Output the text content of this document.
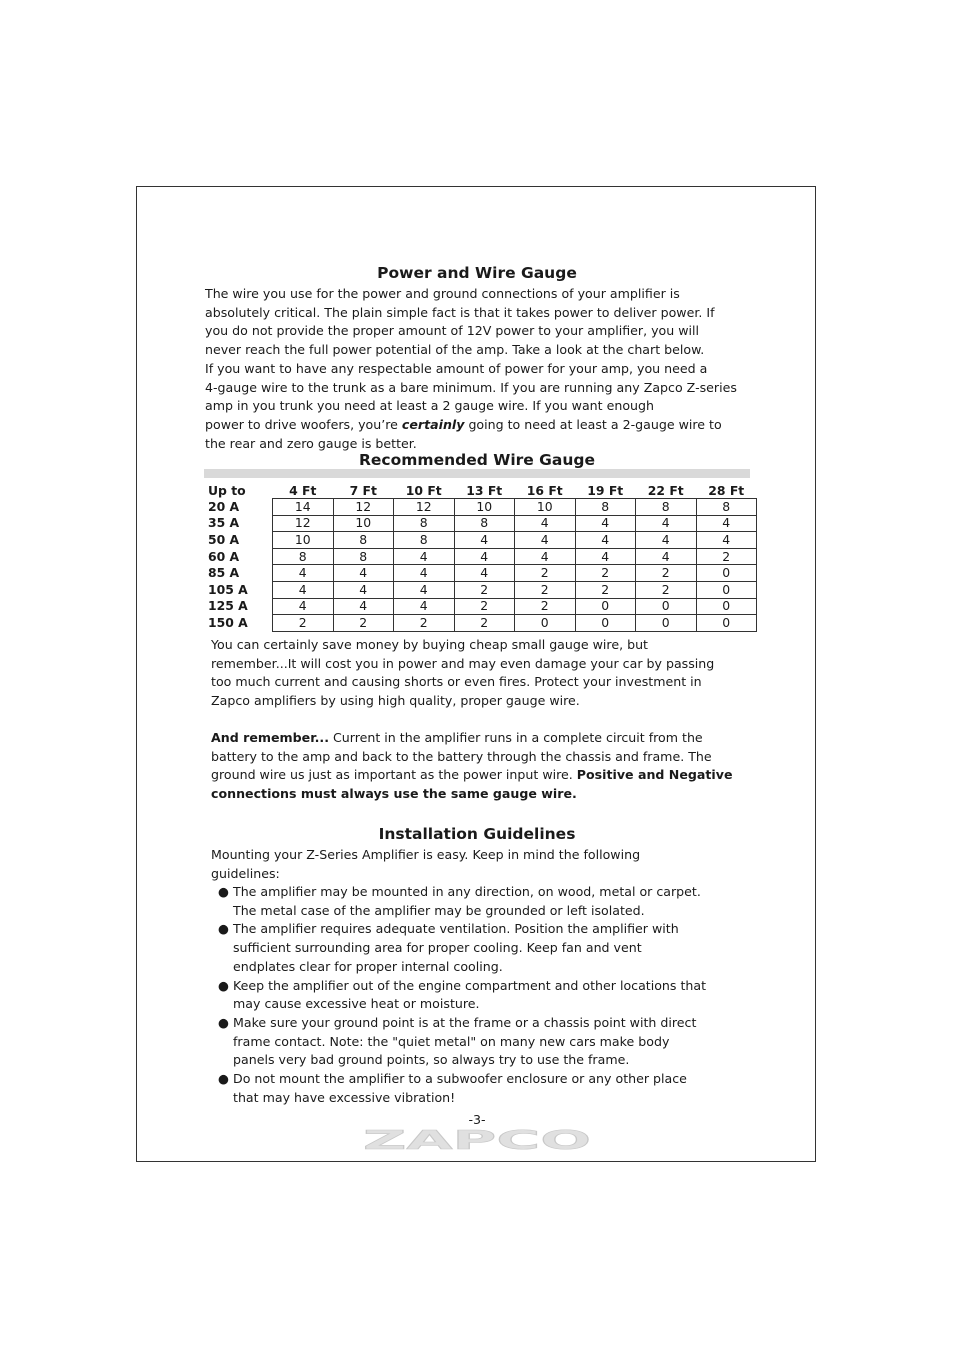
Power and Wire Gauge
The wire you use for the power and ground connections of your amplifier is
absolutely critical. The plain simple fact is that it takes power to deliver power. If
you do not provide the proper amount of 12V power to your amplifier, you will
never reach the full power potential of the amp. Take a look at the chart below.
If you want to have any respectable amount of power for your amp, you need a
4-gauge wire to the trunk as a bare minimum. If you are running any Zapco Z-series
amp in you trunk you need at least a 2 gauge wire. If you want enough
power to drive woofers, you’re certainly going to need at least a 2-gauge wire to
the rear and zero gauge is better.
Recommended Wire Gauge
Up to	4 Ft	7 Ft	10 Ft	13 Ft	16 Ft	19 Ft	22 Ft	28 Ft
20 A	14	12	12	10	10	8	8	8
35 A	12	10	8	8	4	4	4	4
50 A	10	8	8	4	4	4	4	4
60 A	8	8	4	4	4	4	4	2
85 A	4	4	4	4	2	2	2	0
105 A	4	4	4	2	2	2	2	0
125 A	4	4	4	2	2	0	0	0
150 A	2	2	2	2	0	0	0	0
You can certainly save money by buying cheap small gauge wire, but
remember...It will cost you in power and may even damage your car by passing
too much current and causing shorts or even fires. Protect your investment in
Zapco amplifiers by using high quality, proper gauge wire.
And remember... Current in the amplifier runs in a complete circuit from the
battery to the amp and back to the battery through the chassis and frame. The
ground wire us just as important as the power input wire. Positive and Negative
connections must always use the same gauge wire.
Installation Guidelines
Mounting your Z-Series Amplifier is easy. Keep in mind the following
guidelines:
● The amplifier may be mounted in any direction, on wood, metal or carpet.
The metal case of the amplifier may be grounded or left isolated.
● The amplifier requires adequate ventilation. Position the amplifier with
sufficient surrounding area for proper cooling. Keep fan and vent
endplates clear for proper internal cooling.
● Keep the amplifier out of the engine compartment and other locations that
may cause excessive heat or moisture.
● Make sure your ground point is at the frame or a chassis point with direct
frame contact. Note: the "quiet metal" on many new cars make body
panels very bad ground points, so always try to use the frame.
● Do not mount the amplifier to a subwoofer enclosure or any other place
that may have excessive vibration!
-3-
ZAPCO
